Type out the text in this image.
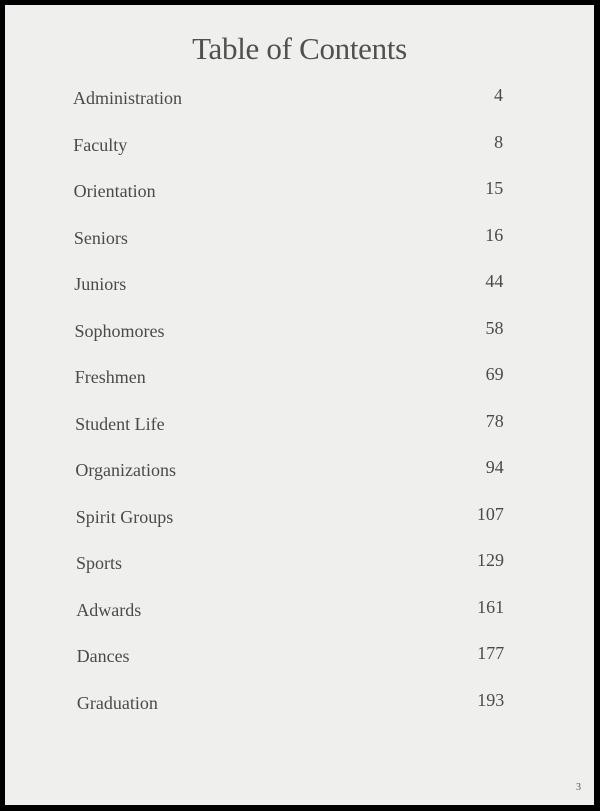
Table of Contents
Administration	4
Faculty	8
Orientation	15
Seniors	16
Juniors	44
Sophomores	58
Freshmen	69
Student Life	78
Organizations	94
Spirit Groups	107
Sports	129
Adwards	161
Dances	177
Graduation	193
3
